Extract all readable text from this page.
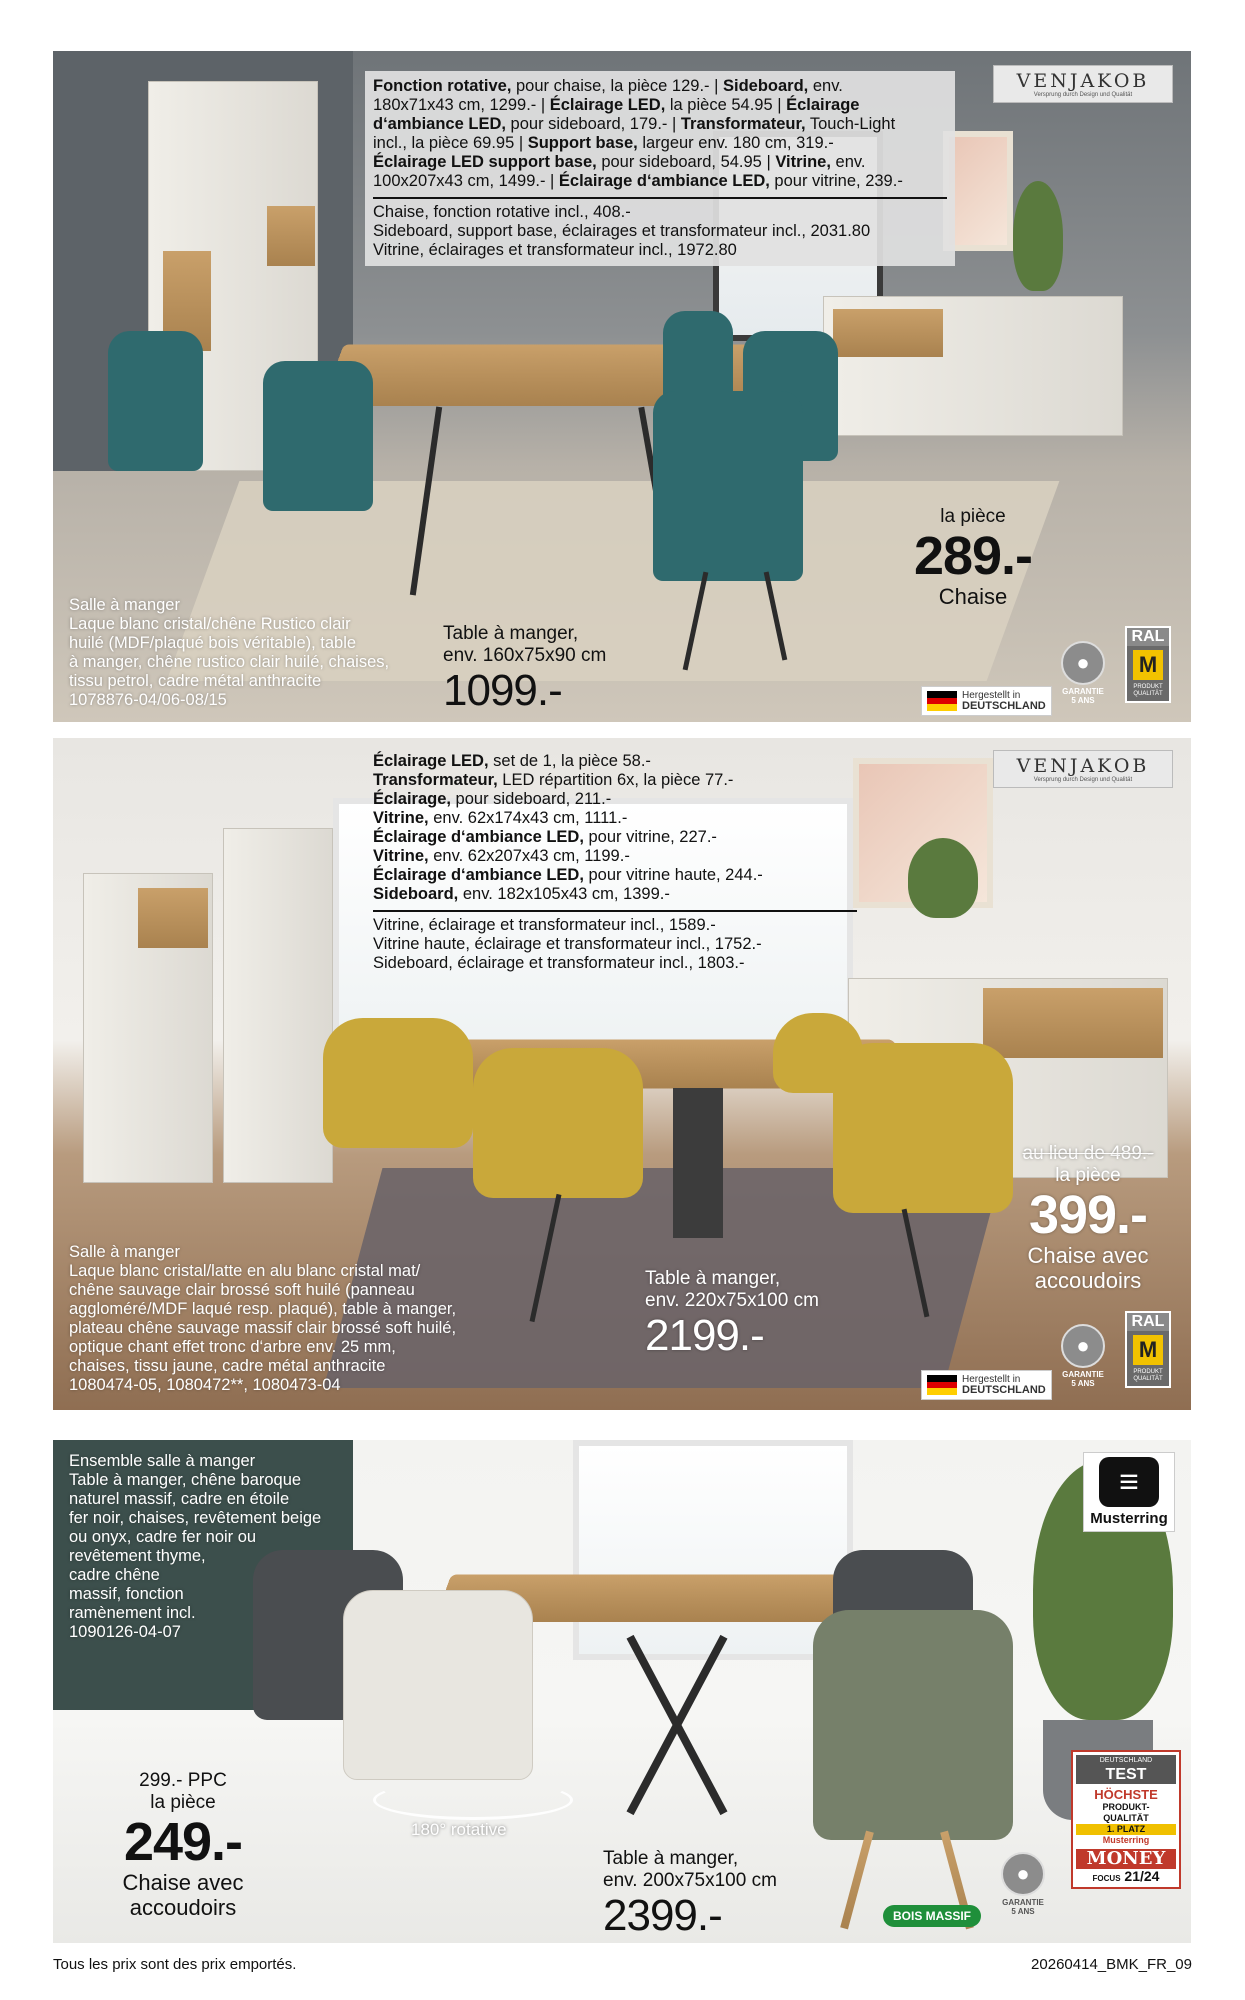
Fonction rotative, pour chaise, la pièce 129.- | Sideboard, env.
180x71x43 cm, 1299.- | Éclairage LED, la pièce 54.95 | Éclairage
d‘ambiance LED, pour sideboard, 179.- | Transformateur, Touch-Light
incl., la pièce 69.95 | Support base, largeur env. 180 cm, 319.-
Éclairage LED support base, pour sideboard, 54.95 | Vitrine, env.
100x207x43 cm, 1499.- | Éclairage d‘ambiance LED, pour vitrine, 239.-
Chaise, fonction rotative incl., 408.-
Sideboard, support base, éclairages et transformateur incl., 2031.80
Vitrine, éclairages et transformateur incl., 1972.80
VENJAKOB
Versprung durch Design und Qualität
Salle à manger
Laque blanc cristal/chêne Rustico clair
huilé (MDF/plaqué bois véritable), table
à manger, chêne rustico clair huilé, chaises,
tissu petrol, cadre métal anthracite
1078876-04/06-08/15
Table à manger,
env. 160x75x90 cm
1099.-
la pièce
289.-
Chaise
Hergestellt in
DEUTSCHLAND
●
GARANTIE
5 ANS
RAL
M
PRODUKT
QUALITÄT
Éclairage LED, set de 1, la pièce 58.-
Transformateur, LED répartition 6x, la pièce 77.-
Éclairage, pour sideboard, 211.-
Vitrine, env. 62x174x43 cm, 1111.-
Éclairage d‘ambiance LED, pour vitrine, 227.-
Vitrine, env. 62x207x43 cm, 1199.-
Éclairage d‘ambiance LED, pour vitrine haute, 244.-
Sideboard, env. 182x105x43 cm, 1399.-
Vitrine, éclairage et transformateur incl., 1589.-
Vitrine haute, éclairage et transformateur incl., 1752.-
Sideboard, éclairage et transformateur incl., 1803.-
VENJAKOB
Versprung durch Design und Qualität
Salle à manger
Laque blanc cristal/latte en alu blanc cristal mat/
chêne sauvage clair brossé soft huilé (panneau
aggloméré/MDF laqué resp. plaqué), table à manger,
plateau chêne sauvage massif clair brossé soft huilé,
optique chant effet tronc d‘arbre env. 25 mm,
chaises, tissu jaune, cadre métal anthracite
1080474-05, 1080472**, 1080473-04
Table à manger,
env. 220x75x100 cm
2199.-
au lieu de 489.-
la pièce
399.-
Chaise avec
accoudoirs
Hergestellt in
DEUTSCHLAND
●
GARANTIE
5 ANS
RAL
M
PRODUKT
QUALITÄT
Ensemble salle à manger
Table à manger, chêne baroque
naturel massif, cadre en étoile
fer noir, chaises, revêtement beige
ou onyx, cadre fer noir ou
revêtement thyme,
cadre chêne
massif, fonction
ramènement incl.
1090126-04-07
299.- PPC
la pièce
249.-
Chaise avec
accoudoirs
180° rotative
Table à manger,
env. 200x75x100 cm
2399.-
≡
Musterring
BOIS MASSIF
●
GARANTIE
5 ANS
DEUTSCHLAND
TEST
HÖCHSTE
PRODUKT-
QUALITÄT
1. PLATZ
Musterring
MONEY
FOCUS 21/24
Tous les prix sont des prix emportés.	20260414_BMK_FR_09
